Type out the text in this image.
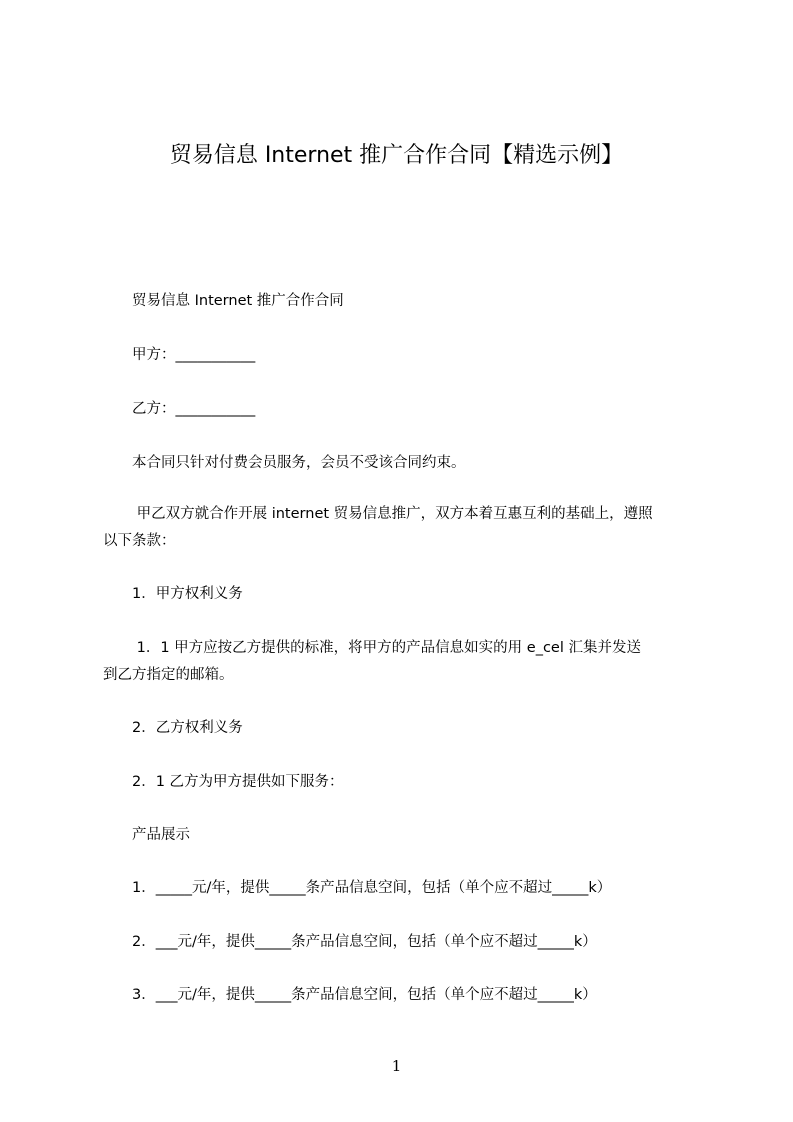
贸易信息 Internet 推广合作合同【精选示例】
　　贸易信息 Internet 推广合作合同
　　甲方：___________
　　乙方：___________
　　本合同只针对付费会员服务，会员不受该合同约束。
　　 甲乙双方就合作开展 internet 贸易信息推广，双方本着互惠互利的基础上，遵照
以下条款：
　　1．甲方权利义务
　　 1．1 甲方应按乙方提供的标准，将甲方的产品信息如实的用 e_cel 汇集并发送
到乙方指定的邮箱。
　　2．乙方权利义务
　　2．1 乙方为甲方提供如下服务：
　　产品展示
　　1．_____元/年，提供_____条产品信息空间，包括（单个应不超过_____k）
　　2．___元/年，提供_____条产品信息空间，包括（单个应不超过_____k）
　　3．___元/年，提供_____条产品信息空间，包括（单个应不超过_____k）
1
